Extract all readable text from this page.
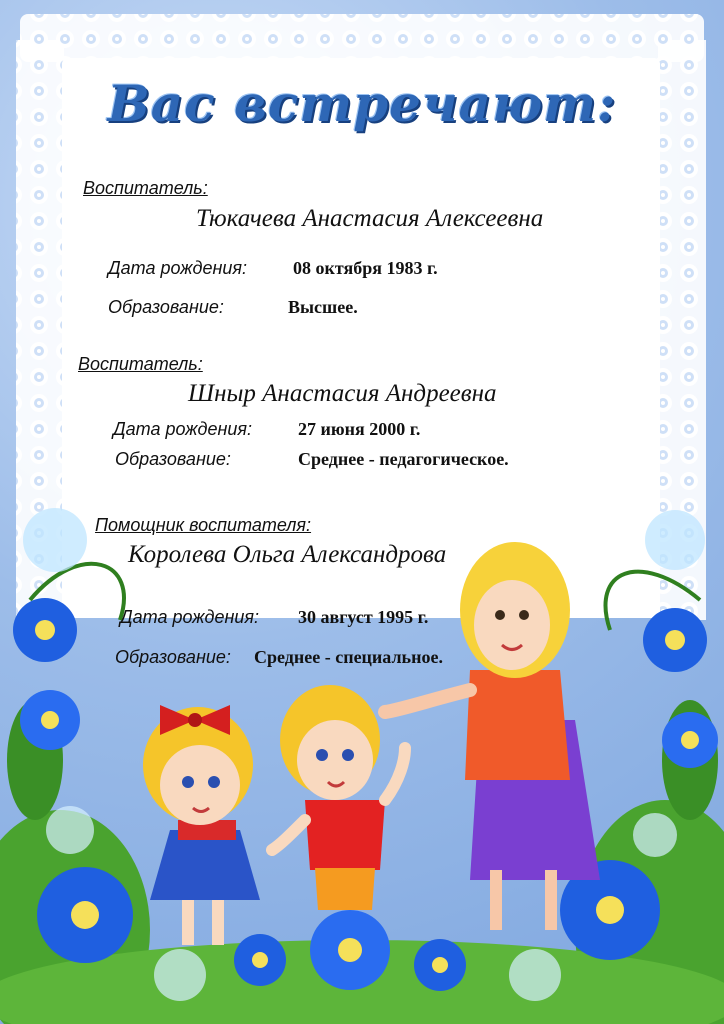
Вас встречают:
Воспитатель:
Тюкачева Анастасия Алексеевна
Дата рождения:	08 октября 1983 г.
Образование:	Высшее.
Воспитатель:
Шныр Анастасия Андреевна
Дата рождения:	27 июня 2000 г.
Образование:	Среднее - педагогическое.
Помощник воспитателя:
Королева Ольга Александрова
Дата рождения: 30 август 1995 г.
Образование: Среднее - специальное.
